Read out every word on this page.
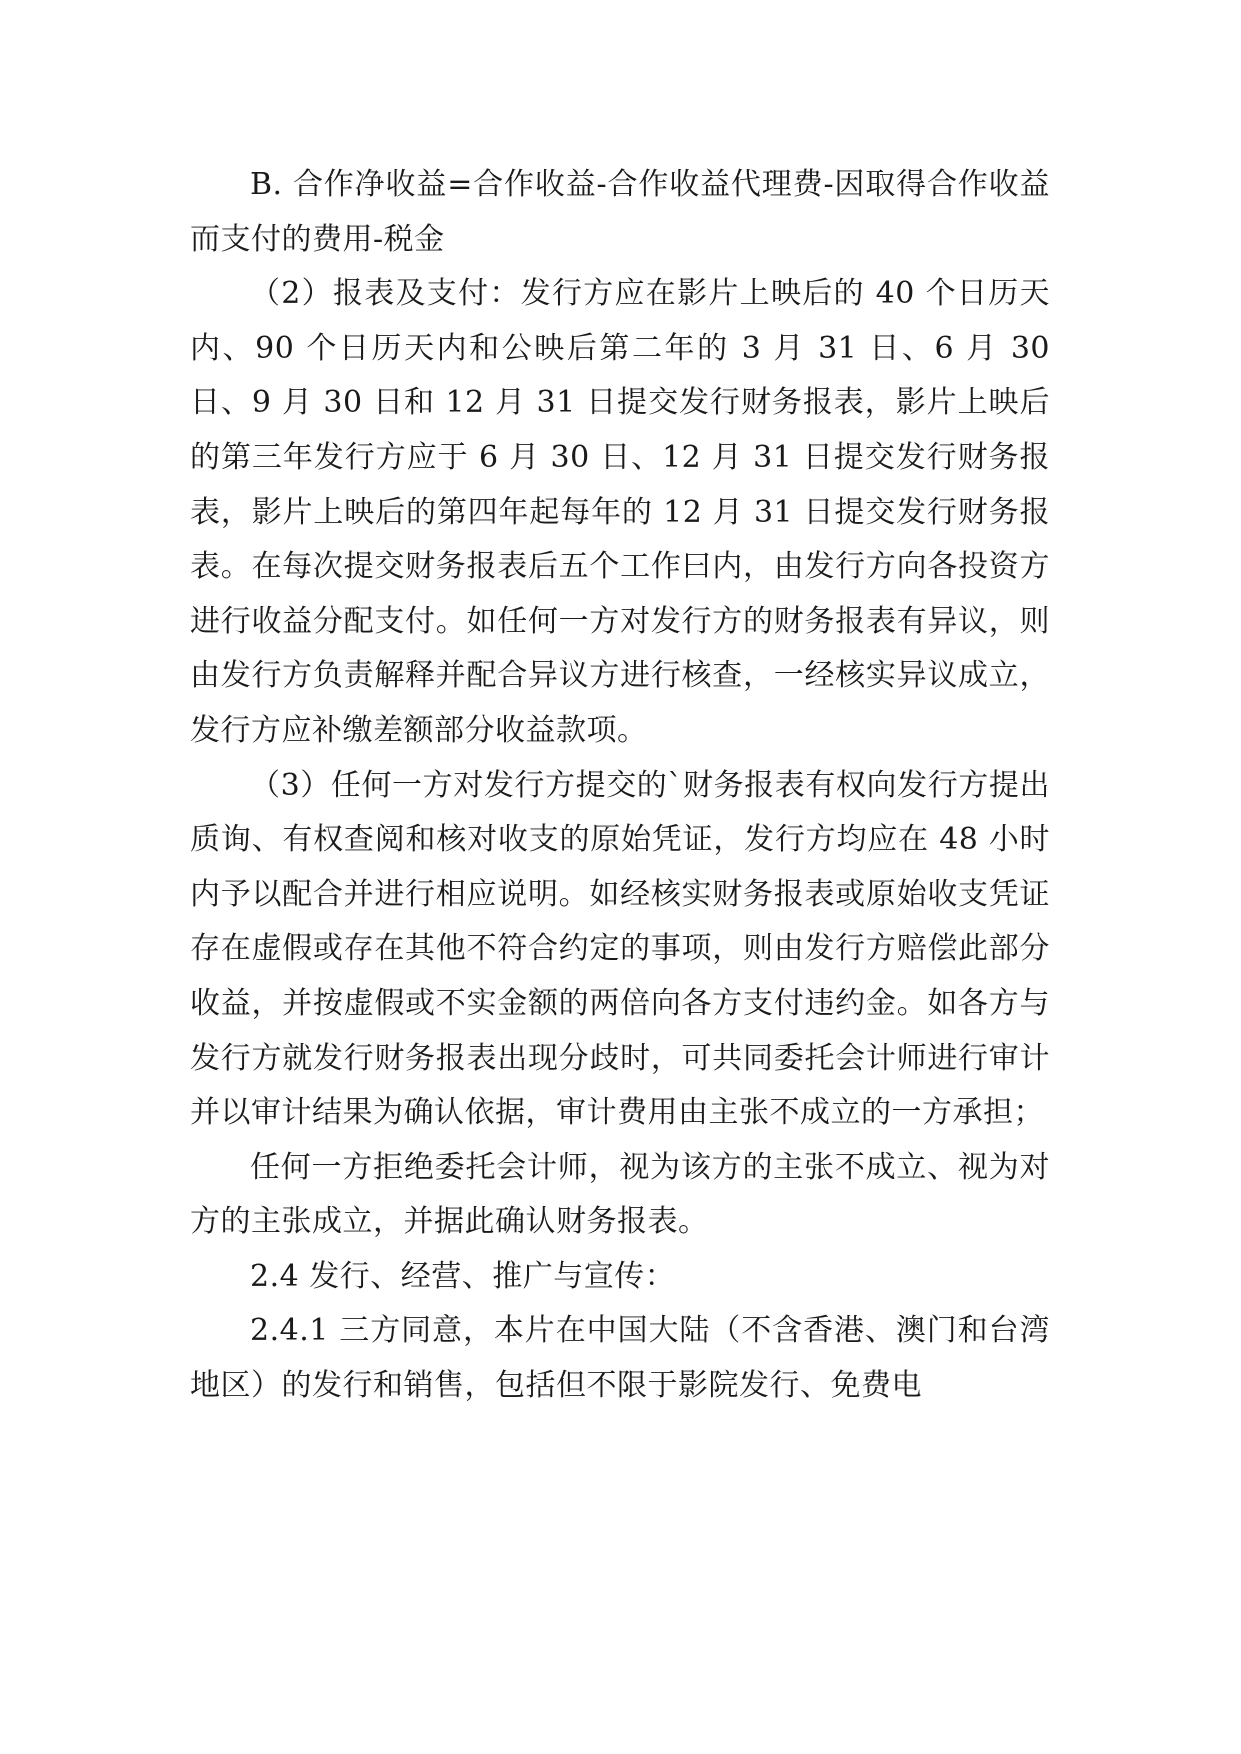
B. 合作净收益=合作收益-合作收益代理费-因取得合作收益而支付的费用-税金

（2）报表及支付：发行方应在影片上映后的 40 个日历天内、90 个日历天内和公映后第二年的 3 月 31 日、6 月 30 日、9 月 30 日和 12 月 31 日提交发行财务报表，影片上映后的第三年发行方应于 6 月 30 日、12 月 31 日提交发行财务报表，影片上映后的第四年起每年的 12 月 31 日提交发行财务报表。在每次提交财务报表后五个工作曰内，由发行方向各投资方进行收益分配支付。如任何一方对发行方的财务报表有异议，则由发行方负责解释并配合异议方进行核查，一经核实异议成立，发行方应补缴差额部分收益款项。

（3）任何一方对发行方提交的`财务报表有权向发行方提出质询、有权查阅和核对收支的原始凭证，发行方均应在 48 小时内予以配合并进行相应说明。如经核实财务报表或原始收支凭证存在虚假或存在其他不符合约定的事项，则由发行方赔偿此部分收益，并按虚假或不实金额的两倍向各方支付违约金。如各方与发行方就发行财务报表出现分歧时，可共同委托会计师进行审计并以审计结果为确认依据，审计费用由主张不成立的一方承担；

任何一方拒绝委托会计师，视为该方的主张不成立、视为对方的主张成立，并据此确认财务报表。

2.4 发行、经营、推广与宣传：

2.4.1 三方同意，本片在中国大陆（不含香港、澳门和台湾地区）的发行和销售，包括但不限于影院发行、免费电
